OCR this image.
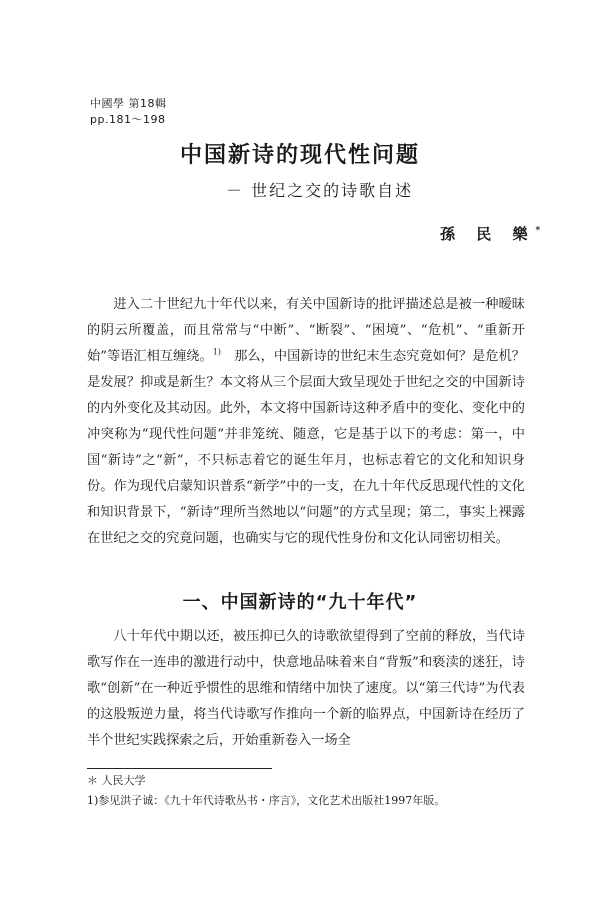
中國學 第18輯
pp.181～198
中国新诗的现代性问题
－ 世纪之交的诗歌自述
孫 民 樂*

进入二十世纪九十年代以来，有关中国新诗的批评描述总是被一种暧昧的阴云所覆盖，而且常常与“中断”、“断裂”、“困境”、“危机”、“重新开始”等语汇相互缠绕。$^{1)}$　那么，中国新诗的世纪末生态究竟如何？是危机？是发展？抑或是新生？本文将从三个层面大致呈现处于世纪之交的中国新诗的内外变化及其动因。此外，本文将中国新诗这种矛盾中的变化、变化中的冲突称为“现代性问题”并非笼统、随意，它是基于以下的考虑：第一，中国“新诗”之“新”，不只标志着它的诞生年月，也标志着它的文化和知识身份。作为现代启蒙知识普系“新学”中的一支，在九十年代反思现代性的文化和知识背景下，“新诗”理所当然地以“问题”的方式呈现；第二，事实上裸露在世纪之交的究竟问题，也确实与它的现代性身份和文化认同密切相关。

一、中国新诗的“九十年代”

八十年代中期以还，被压抑已久的诗歌欲望得到了空前的释放，当代诗歌写作在一连串的激进行动中，快意地品味着来自“背叛”和亵渎的迷狂，诗歌“创新”在一种近乎惯性的思维和情绪中加快了速度。以“第三代诗”为代表的这股叛逆力量，将当代诗歌写作推向一个新的临界点，中国新诗在经历了半个世纪实践探索之后，开始重新卷入一场全

＊ 人民大学
1)参见洪子诚：《九十年代诗歌丛书・序言》，文化艺术出版社1997年版。
